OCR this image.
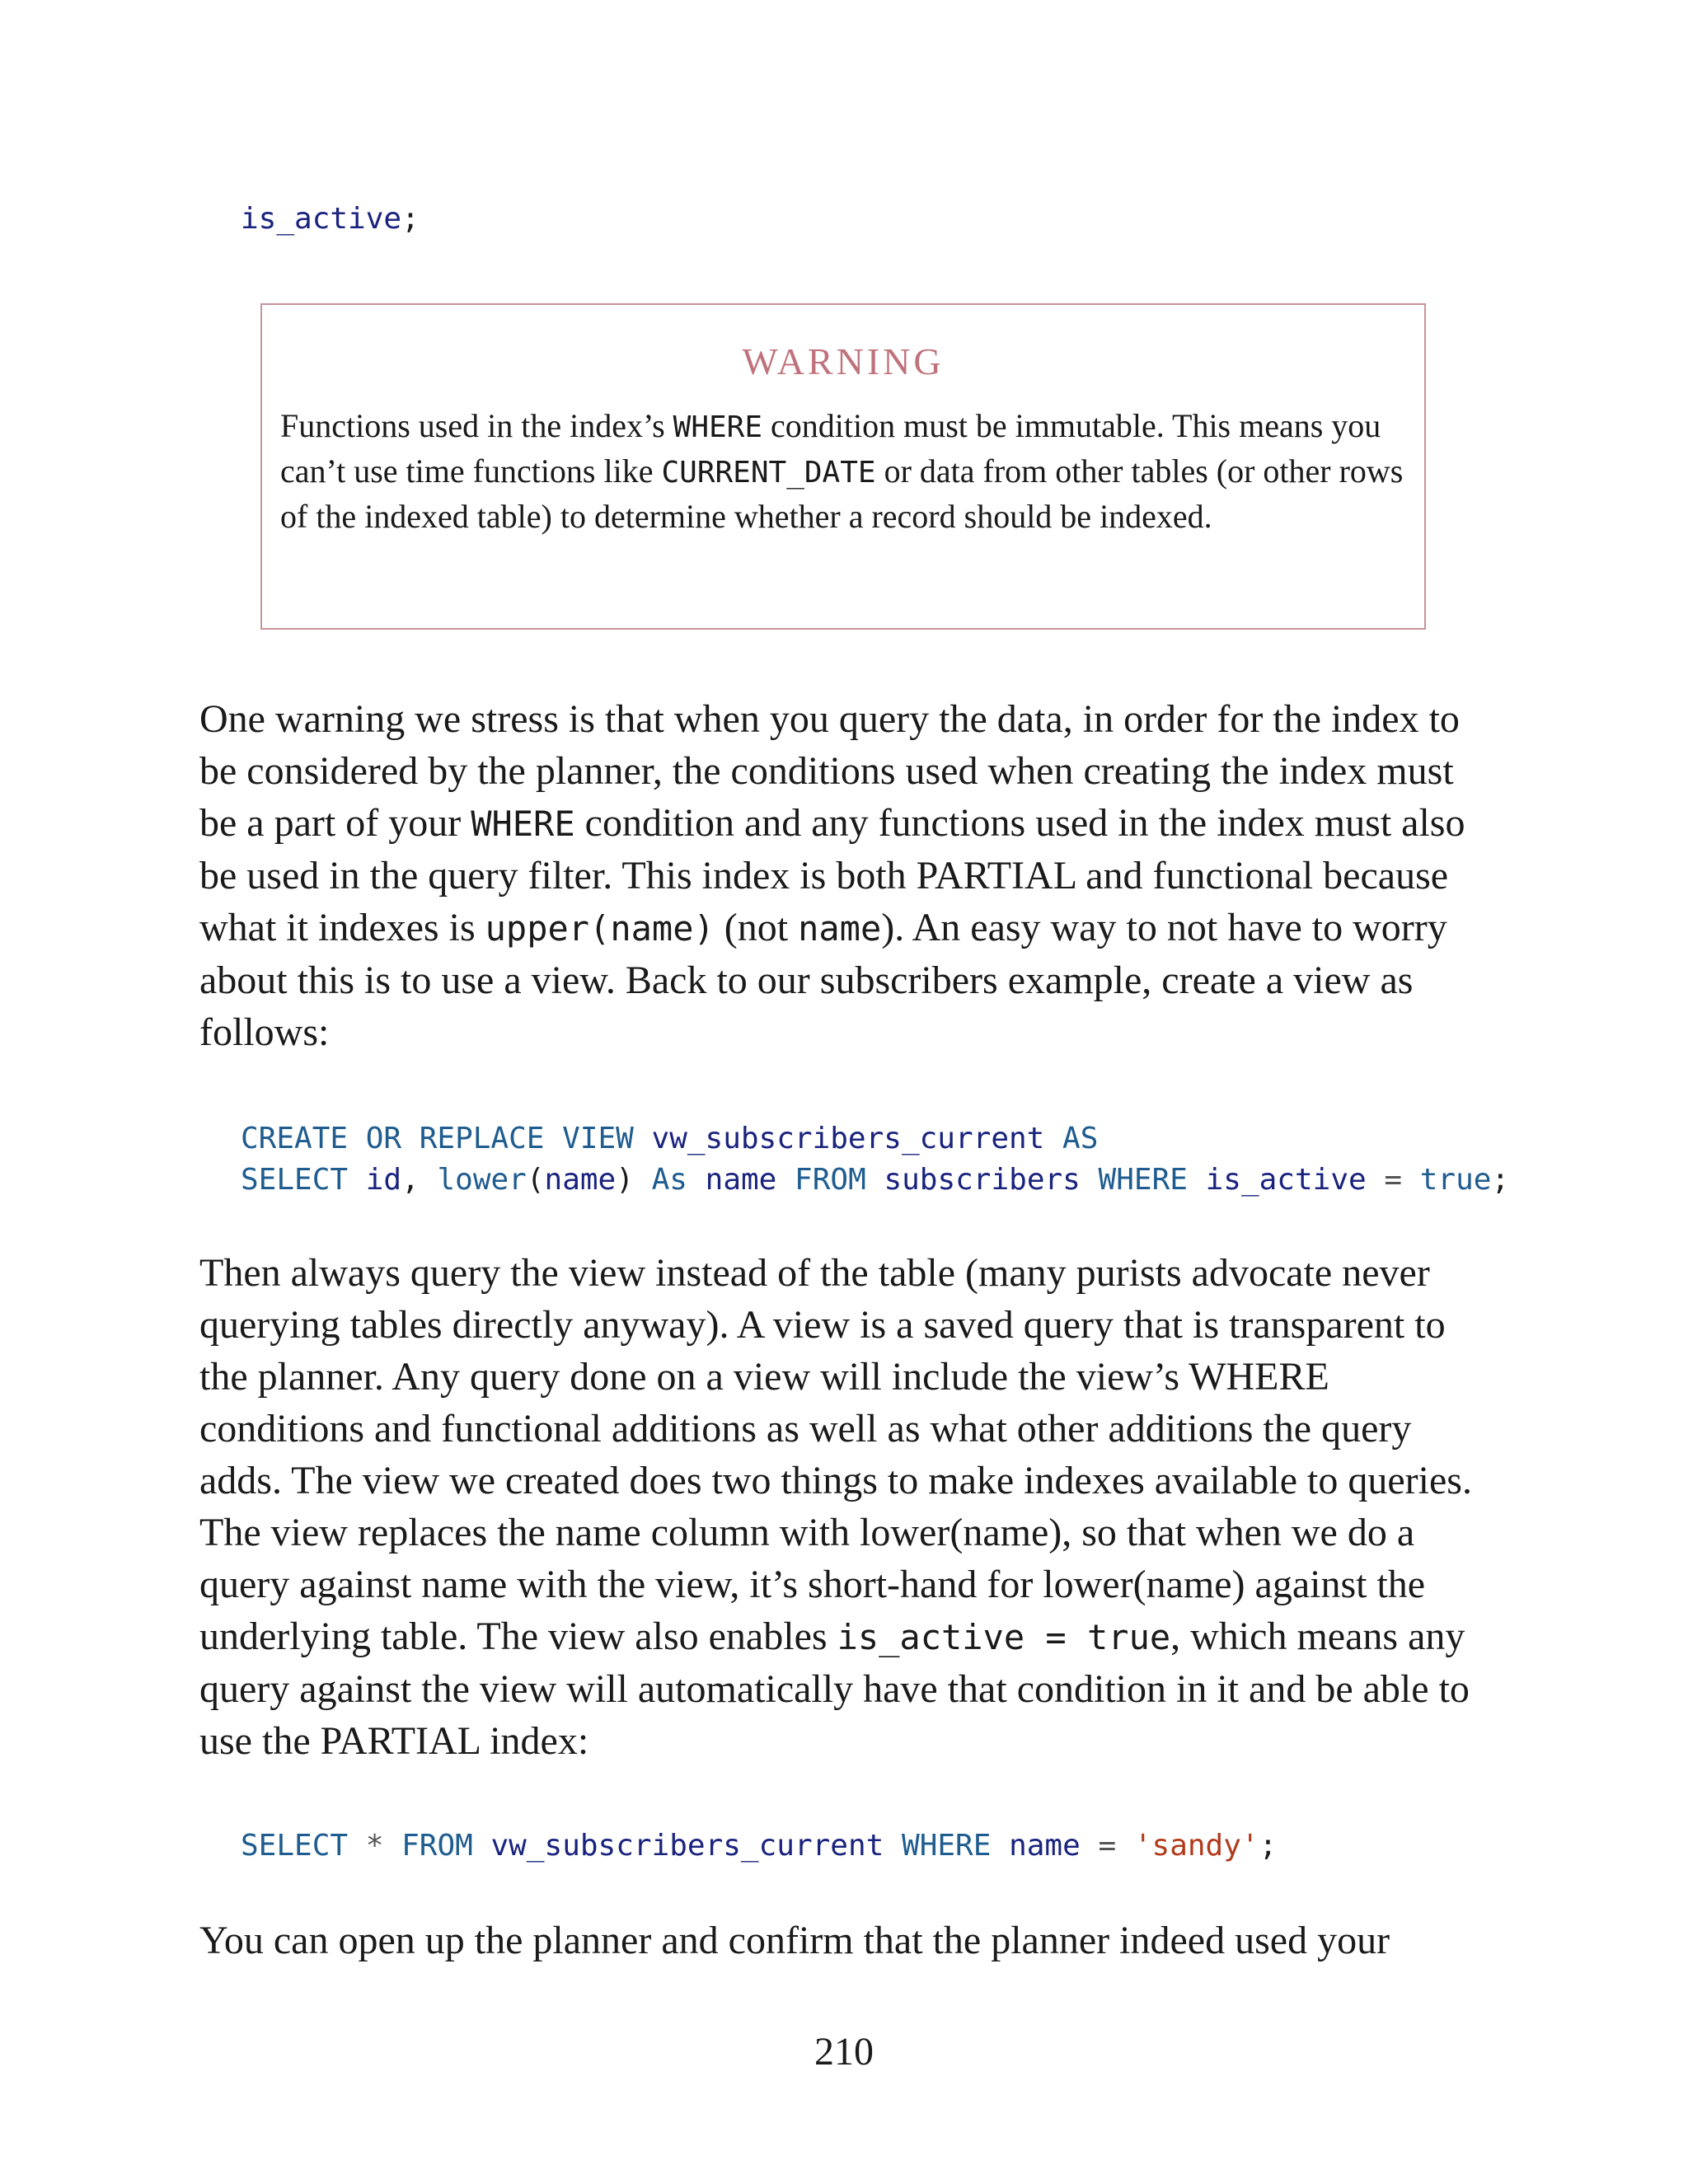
is_active;
WARNING
Functions used in the index’s WHERE condition must be immutable. This means you can’t use time functions like CURRENT_DATE or data from other tables (or other rows of the indexed table) to determine whether a record should be indexed.
One warning we stress is that when you query the data, in order for the index to be considered by the planner, the conditions used when creating the index must be a part of your WHERE condition and any functions used in the index must also be used in the query filter. This index is both PARTIAL and functional because what it indexes is upper(name) (not name). An easy way to not have to worry about this is to use a view. Back to our subscribers example, create a view as follows:
CREATE OR REPLACE VIEW vw_subscribers_current AS
SELECT id, lower(name) As name FROM subscribers WHERE is_active = true;
Then always query the view instead of the table (many purists advocate never querying tables directly anyway). A view is a saved query that is transparent to the planner. Any query done on a view will include the view’s WHERE conditions and functional additions as well as what other additions the query adds. The view we created does two things to make indexes available to queries. The view replaces the name column with lower(name), so that when we do a query against name with the view, it’s short-hand for lower(name) against the underlying table. The view also enables is_active = true, which means any query against the view will automatically have that condition in it and be able to use the PARTIAL index:
SELECT * FROM vw_subscribers_current WHERE name = 'sandy';
You can open up the planner and confirm that the planner indeed used your
210
